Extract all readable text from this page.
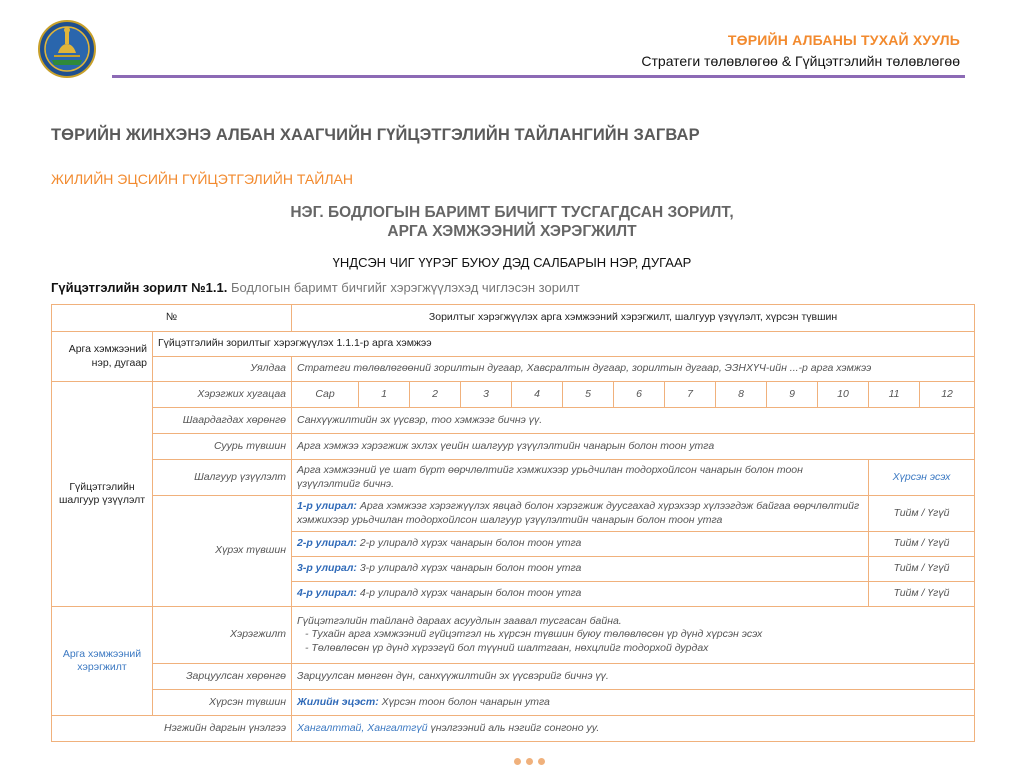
ТӨРИЙН АЛБАНЫ ТУХАЙ ХУУЛЬ
Стратеги төлөвлөгөө & Гүйцэтгэлийн төлөвлөгөө
ТӨРИЙН ЖИНХЭНЭ АЛБАН ХААГЧИЙН ГҮЙЦЭТГЭЛИЙН ТАЙЛАНГИЙН ЗАГВАР
ЖИЛИЙН ЭЦСИЙН ГҮЙЦЭТГЭЛИЙН ТАЙЛАН
НЭГ. БОДЛОГЫН БАРИМТ БИЧИГТ ТУСГАГДСАН ЗОРИЛТ,
АРГА ХЭМЖЭЭНИЙ ХЭРЭГЖИЛТ
ҮНДСЭН ЧИГ ҮҮРЭГ БУЮУ ДЭД САЛБАРЫН НЭР, ДУГААР
Гүйцэтгэлийн зорилт №1.1. Бодлогын баримт бичгийг хэрэгжүүлэхэд чиглэсэн зорилт
№		Зорилтыг хэрэгжүүлэх арга хэмжээний хэрэгжилт, шалгуур үзүүлэлт, хүрсэн түвшин												
Арга хэмжээний нэр, дугаар	Гүйцэтгэлийн зорилтыг хэрэгжүүлэх 1.1.1-р арга хэмжээ													
	Уялдаа	Стратеги төлөвлөгөөний зорилтын дугаар, Хавсралтын дугаар, зорилтын дугаар, ЭЗНХҮЧ-ийн ...-р арга хэмжээ												
Гүйцэтгэлийн шалгуур үзүүлэлт	Хэрэгжих хугацаа	Сар	1	2	3	4	5	6	7	8	9	10	11	12
	Шаардагдах хөрөнгө	Санхүүжилтийн эх үүсвэр, тоо хэмжээг бичнэ үү.												
	Суурь түвшин	Арга хэмжээ хэрэгжиж эхлэх үеийн шалгуур үзүүлэлтийн чанарын болон тоон утга												
	Шалгуур үзүүлэлт	Арга хэмжээний үе шат бүрт өөрчлөлтийг хэмжихээр урьдчилан тодорхойлсон чанарын болон тоон үзүүлэлтийг бичнэ.											Хүрсэн эсэх	
	Хүрэх түвшин	1-р улирал: Арга хэмжээг хэрэгжүүлэх явцад болон хэрэгжиж дуусгахад хүрэхээр хүлээгдэж байгаа өөрчлөлтийг хэмжихээр урьдчилан тодорхойлсон шалгуур үзүүлэлтийн чанарын болон тоон утга											Тийм / Үгүй	
		2-р улирал: 2-р улиралд хүрэх чанарын болон тоон утга											Тийм / Үгүй	
		3-р улирал: 3-р улиралд хүрэх чанарын болон тоон утга											Тийм / Үгүй	
		4-р улирал: 4-р улиралд хүрэх чанарын болон тоон утга											Тийм / Үгүй	
Арга хэмжээний хэрэгжилт	Хэрэгжилт	Гүйцэтгэлийн тайланд дараах асуудлын заавал тусгасан байна.
- Тухайн арга хэмжээний гүйцэтгэл нь хүрсэн түвшин буюу төлөвлөсөн үр дүнд хүрсэн эсэх
- Төлөвлөсөн үр дүнд хүрээгүй бол түүний шалтгаан, нөхцлийг тодорхой дурдах												

	Зарцуулсан хөрөнгө	Зарцуулсан мөнгөн дүн, санхүүжилтийн эх үүсвэрийг бичнэ үү.												
	Хүрсэн түвшин	Жилийн эцэст: Хүрсэн тоон болон чанарын утга												
Нэгжийн даргын үнэлгээ		Хангалттай, Хангалтгүй үнэлгээний аль нэгийг сонгоно уу.												
